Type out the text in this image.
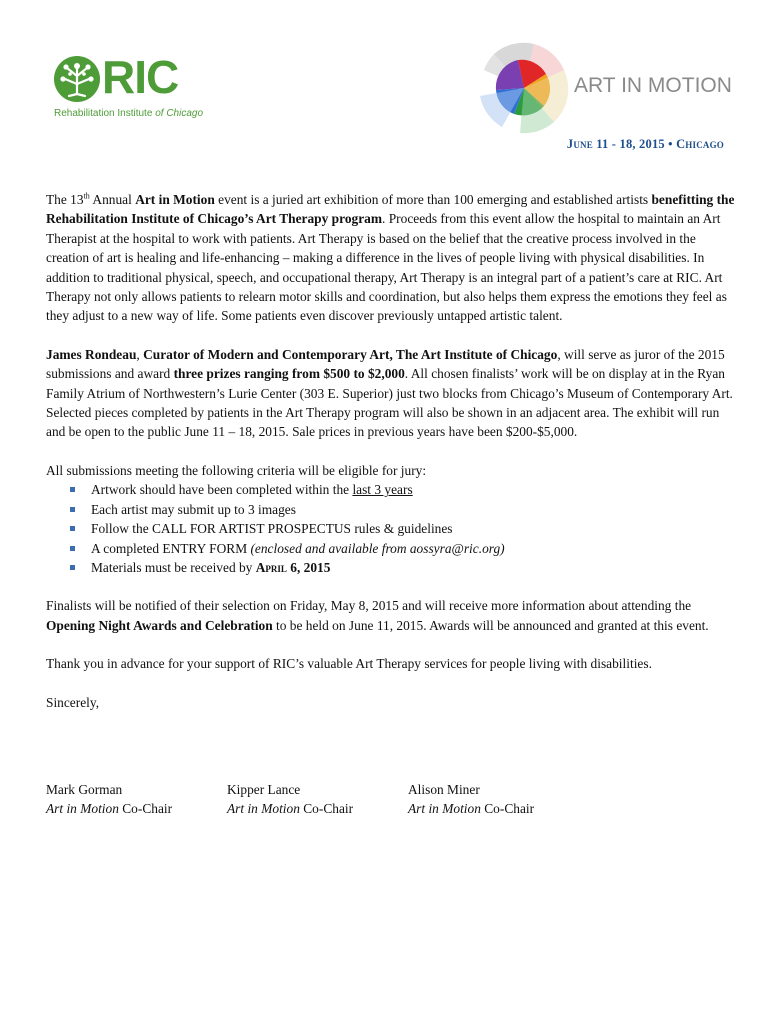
RIC
Rehabilitation Institute of Chicago
ART IN MOTION
June 11 - 18, 2015 • Chicago

The 13th Annual Art in Motion event is a juried art exhibition of more than 100 emerging and established artists benefitting the Rehabilitation Institute of Chicago’s Art Therapy program. Proceeds from this event allow the hospital to maintain an Art Therapist at the hospital to work with patients. Art Therapy is based on the belief that the creative process involved in the creation of art is healing and life-enhancing – making a difference in the lives of people living with physical disabilities. In addition to traditional physical, speech, and occupational therapy, Art Therapy is an integral part of a patient’s care at RIC. Art Therapy not only allows patients to relearn motor skills and coordination, but also helps them express the emotions they feel as they adjust to a new way of life. Some patients even discover previously untapped artistic talent.

James Rondeau, Curator of Modern and Contemporary Art, The Art Institute of Chicago, will serve as juror of the 2015 submissions and award three prizes ranging from $500 to $2,000. All chosen finalists’ work will be on display at in the Ryan Family Atrium of Northwestern’s Lurie Center (303 E. Superior) just two blocks from Chicago’s Museum of Contemporary Art. Selected pieces completed by patients in the Art Therapy program will also be shown in an adjacent area. The exhibit will run and be open to the public June 11 – 18, 2015. Sale prices in previous years have been $200-$5,000.

All submissions meeting the following criteria will be eligible for jury:
Artwork should have been completed within the last 3 years
Each artist may submit up to 3 images
Follow the CALL FOR ARTIST PROSPECTUS rules & guidelines
A completed ENTRY FORM (enclosed and available from aossyra@ric.org)
Materials must be received by April 6, 2015

Finalists will be notified of their selection on Friday, May 8, 2015 and will receive more information about attending the Opening Night Awards and Celebration to be held on June 11, 2015. Awards will be announced and granted at this event.

Thank you in advance for your support of RIC’s valuable Art Therapy services for people living with disabilities.

Sincerely,
Mark Gorman
Art in Motion Co-Chair
Kipper Lance
Art in Motion Co-Chair
Alison Miner
Art in Motion Co-Chair
